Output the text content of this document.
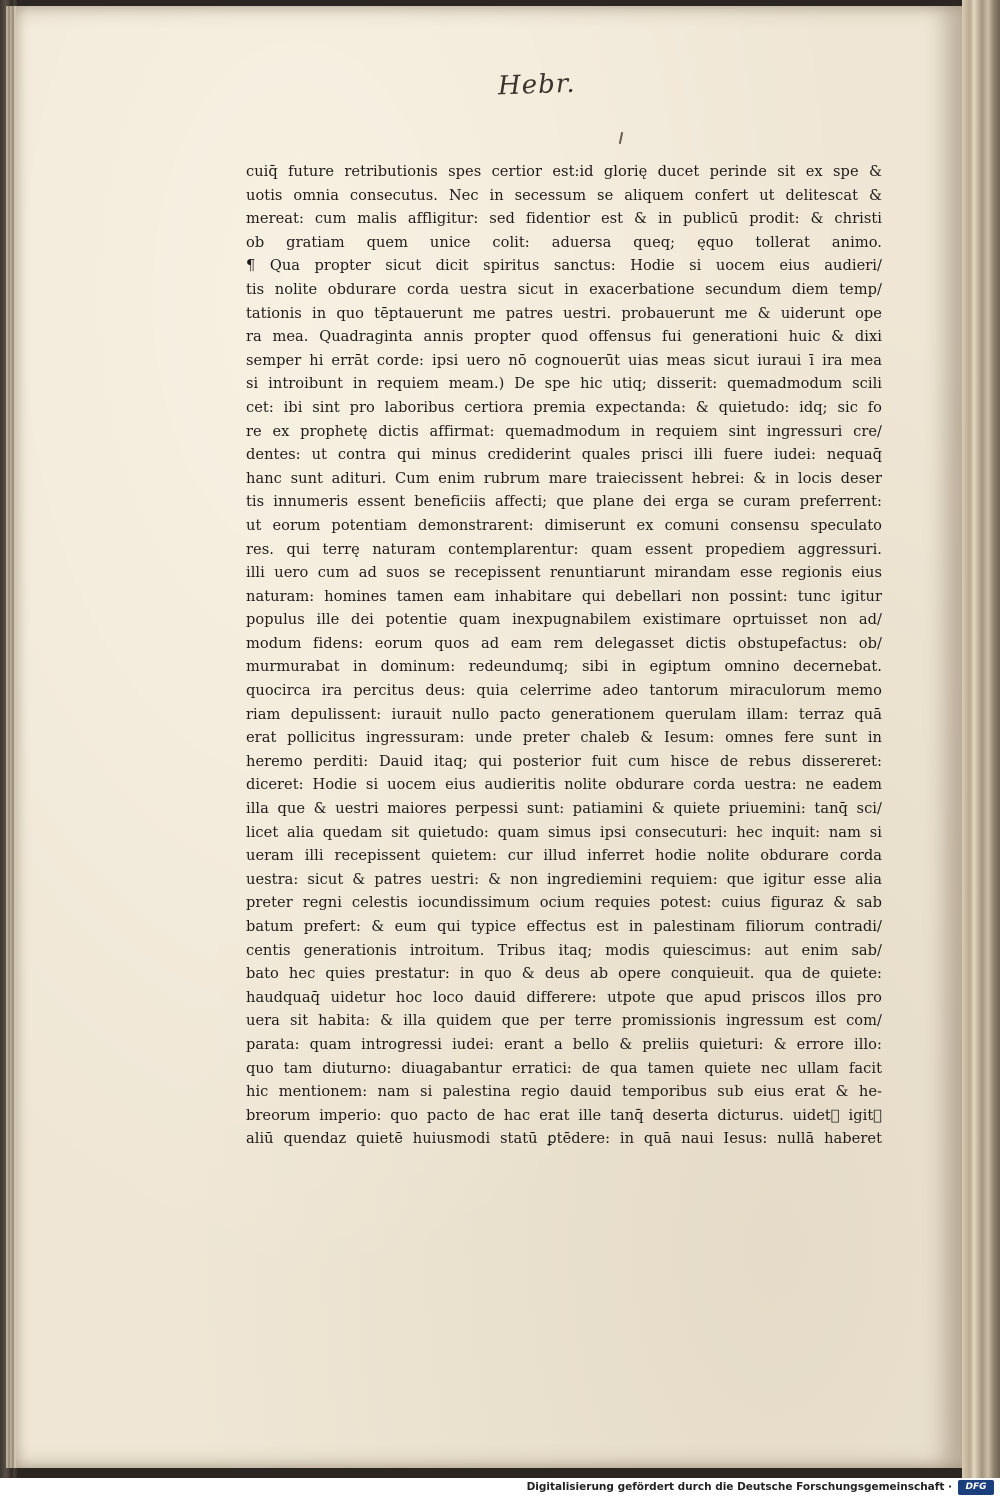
Hebr.
cuiq̄ future retributionis spes certior est:id glorię ducet perinde sit ex spe &
uotis omnia consecutus. Nec in secessum se aliquem confert ut delitescat &
mereat: cum malis affligitur: sed fidentior est & in publicū prodit: & christi
ob gratiam quem unice colit: aduersa queq; ęquo tollerat animo.
¶ Qua propter sicut dicit spiritus sanctus: Hodie si uocem eius audieri/
tis nolite obdurare corda uestra sicut in exacerbatione secundum diem temp/
tationis in quo tēptauerunt me patres uestri. probauerunt me & uiderunt ope
ra mea. Quadraginta annis propter quod offensus fui generationi huic & dixi
semper hi errāt corde: ipsi uero nō cognouerūt uias meas sicut iuraui ī ira mea
si introibunt in requiem meam.) De spe hic utiq; disserit: quemadmodum scili
cet: ibi sint pro laboribus certiora premia expectanda: & quietudo: idq; sic fo
re ex prophetę dictis affirmat: quemadmodum in requiem sint ingressuri cre/
dentes: ut contra qui minus crediderint quales prisci illi fuere iudei: nequaq̄
hanc sunt adituri. Cum enim rubrum mare traiecissent hebrei: & in locis deser
tis innumeris essent beneficiis affecti; que plane dei erga se curam preferrent:
ut eorum potentiam demonstrarent: dimiserunt ex comuni consensu speculato
res. qui terrę naturam contemplarentur: quam essent propediem aggressuri.
illi uero cum ad suos se recepissent renuntiarunt mirandam esse regionis eius
naturam: homines tamen eam inhabitare qui debellari non possint: tunc igitur
populus ille dei potentie quam inexpugnabilem existimare oprtuisset non ad/
modum fidens: eorum quos ad eam rem delegasset dictis obstupefactus: ob/
murmurabat in dominum: redeundumq; sibi in egiptum omnino decernebat.
quocirca ira percitus deus: quia celerrime adeo tantorum miraculorum memo
riam depulissent: iurauit nullo pacto generationem querulam illam: terraz quā
erat pollicitus ingressuram: unde preter chaleb & Iesum: omnes fere sunt in
heremo perditi: Dauid itaq; qui posterior fuit cum hisce de rebus dissereret:
diceret: Hodie si uocem eius audieritis nolite obdurare corda uestra: ne eadem
illa que & uestri maiores perpessi sunt: patiamini & quiete priuemini: tanq̄ sci/
licet alia quedam sit quietudo: quam simus ipsi consecuturi: hec inquit: nam si
ueram illi recepissent quietem: cur illud inferret hodie nolite obdurare corda
uestra: sicut & patres uestri: & non ingrediemini requiem: que igitur esse alia
preter regni celestis iocundissimum ocium requies potest: cuius figuraz & sab
batum prefert: & eum qui typice effectus est in palestinam filiorum contradi/
centis generationis introitum. Tribus itaq; modis quiescimus: aut enim sab/
bato hec quies prestatur: in quo & deus ab opere conquieuit. qua de quiete:
haudquaq̄ uidetur hoc loco dauid differere: utpote que apud priscos illos pro
uera sit habita: & illa quidem que per terre promissionis ingressum est com/
parata: quam introgressi iudei: erant a bello & preliis quieturi: & errore illo:
quo tam diuturno: diuagabantur erratici: de qua tamen quiete nec ullam facit
hic mentionem: nam si palestina regio dauid temporibus sub eius erat & he-
breorum imperio: quo pacto de hac erat ille tanq̄ deserta dicturus. uidetᷣ igitᷣ
aliū quendaz quietē huiusmodi statū ꝑtēdere: in quā naui Iesus: nullā haberet
Digitalisierung gefördert durch die Deutsche Forschungsgemeinschaft ·	DFG
